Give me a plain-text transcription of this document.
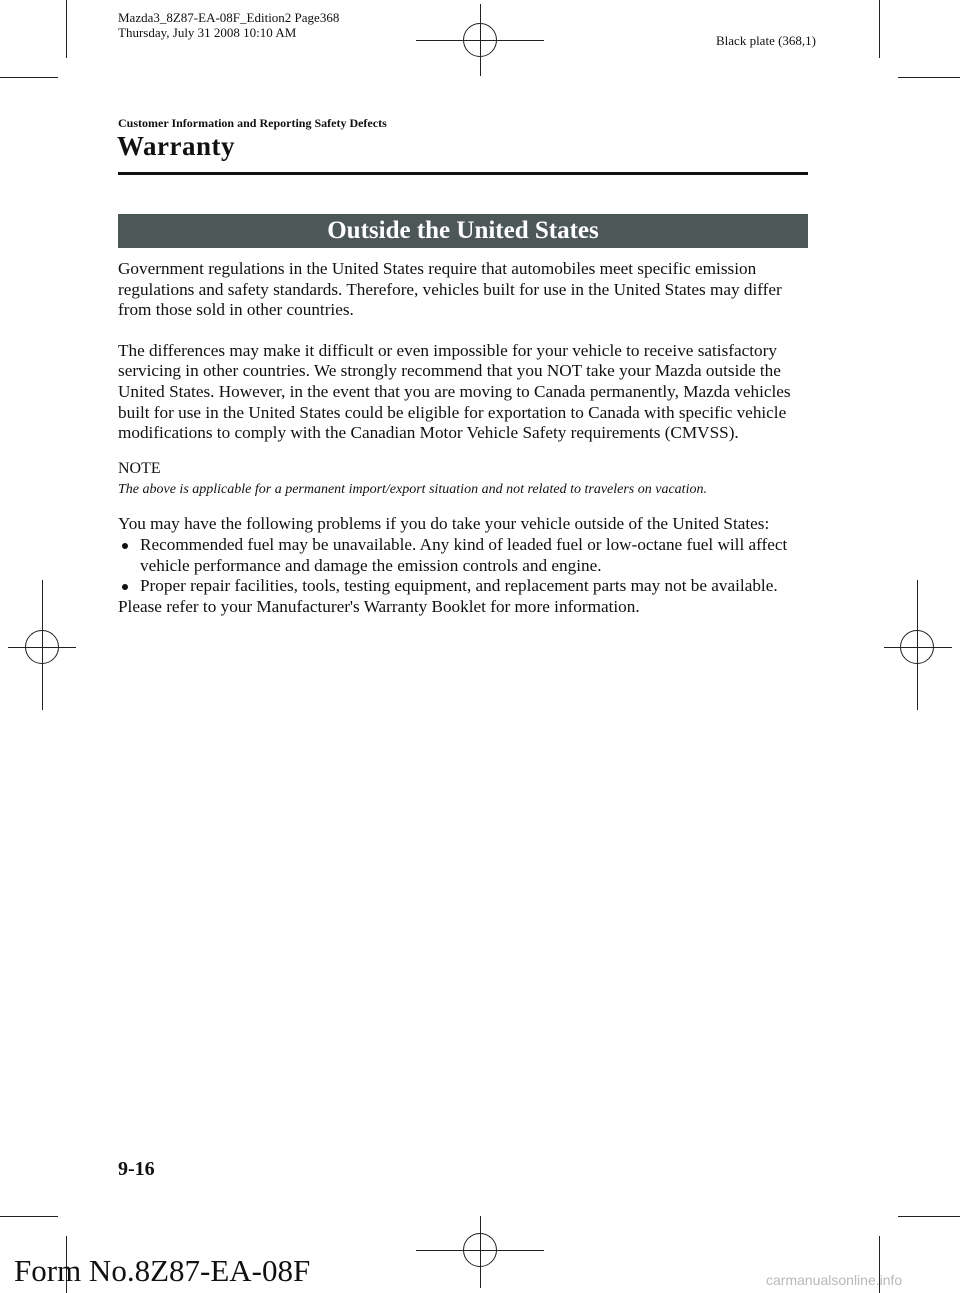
Mazda3_8Z87-EA-08F_Edition2 Page368
Thursday, July 31 2008 10:10 AM
Black plate (368,1)
Customer Information and Reporting Safety Defects
Warranty
Outside the United States

Government regulations in the United States require that automobiles meet specific emission regulations and safety standards. Therefore, vehicles built for use in the United States may differ from those sold in other countries.

The differences may make it difficult or even impossible for your vehicle to receive satisfactory servicing in other countries. We strongly recommend that you NOT take your Mazda outside the United States. However, in the event that you are moving to Canada permanently, Mazda vehicles built for use in the United States could be eligible for exportation to Canada with specific vehicle modifications to comply with the Canadian Motor Vehicle Safety requirements (CMVSS).

NOTE
The above is applicable for a permanent import/export situation and not related to travelers on vacation.

You may have the following problems if you do take your vehicle outside of the United States:

Recommended fuel may be unavailable. Any kind of leaded fuel or low-octane fuel will affect vehicle performance and damage the emission controls and engine.
Proper repair facilities, tools, testing equipment, and replacement parts may not be available.

Please refer to your Manufacturer's Warranty Booklet for more information.

9-16
Form No.8Z87-EA-08F	carmanualsonline.info
